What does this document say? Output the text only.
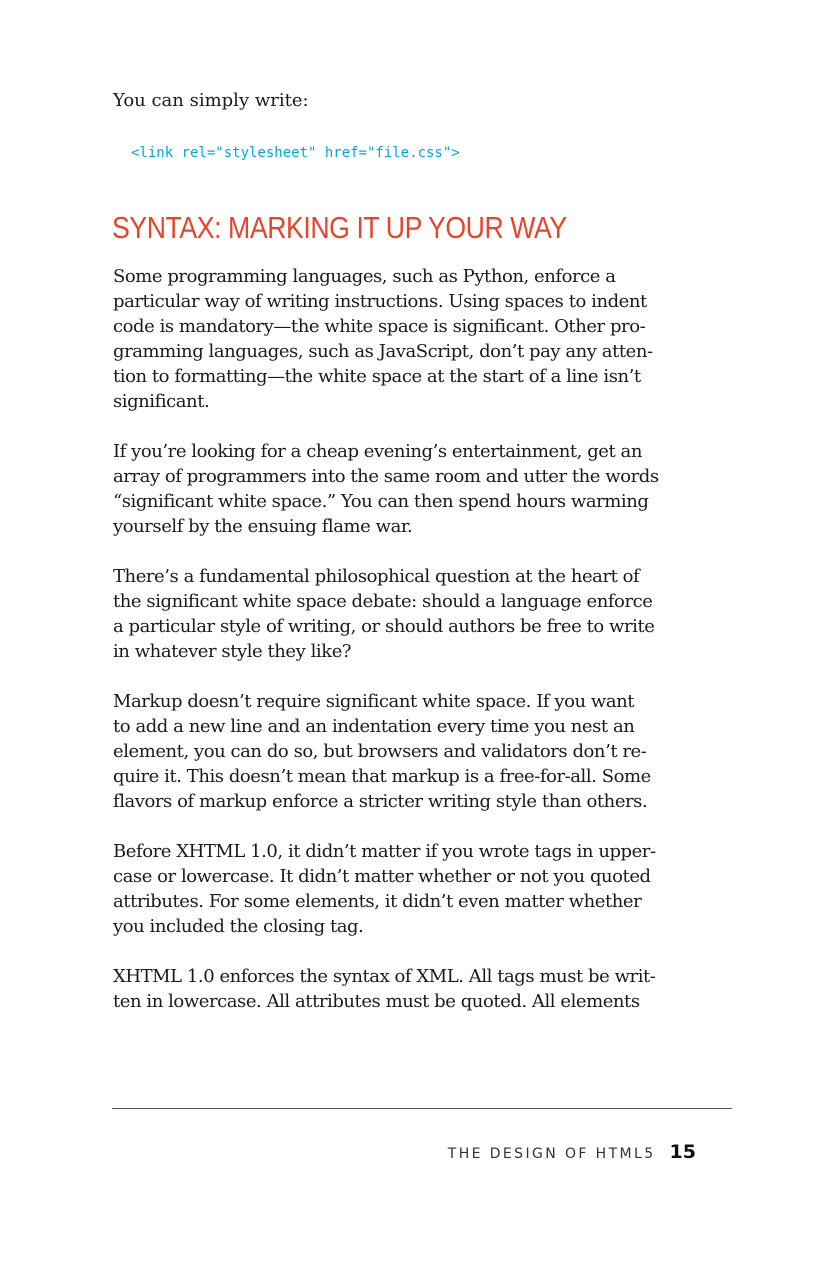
You can simply write:

<link rel="stylesheet" href="file.css">
SYNTAX: MARKING IT UP YOUR WAY

Some programming languages, such as Python, enforce a
particular way of writing instructions. Using spaces to indent
code is mandatory—the white space is significant. Other pro-
gramming languages, such as JavaScript, don’t pay any atten-
tion to formatting—the white space at the start of a line isn’t
significant.

If you’re looking for a cheap evening’s entertainment, get an
array of programmers into the same room and utter the words
“significant white space.” You can then spend hours warming
yourself by the ensuing flame war.

There’s a fundamental philosophical question at the heart of
the significant white space debate: should a language enforce
a particular style of writing, or should authors be free to write
in whatever style they like?

Markup doesn’t require significant white space. If you want
to add a new line and an indentation every time you nest an
element, you can do so, but browsers and validators don’t re-
quire it. This doesn’t mean that markup is a free-for-all. Some
flavors of markup enforce a stricter writing style than others.

Before XHTML 1.0, it didn’t matter if you wrote tags in upper-
case or lowercase. It didn’t matter whether or not you quoted
attributes. For some elements, it didn’t even matter whether
you included the closing tag.

XHTML 1.0 enforces the syntax of XML. All tags must be writ-
ten in lowercase. All attributes must be quoted. All elements

THE DESIGN OF HTML5 15
